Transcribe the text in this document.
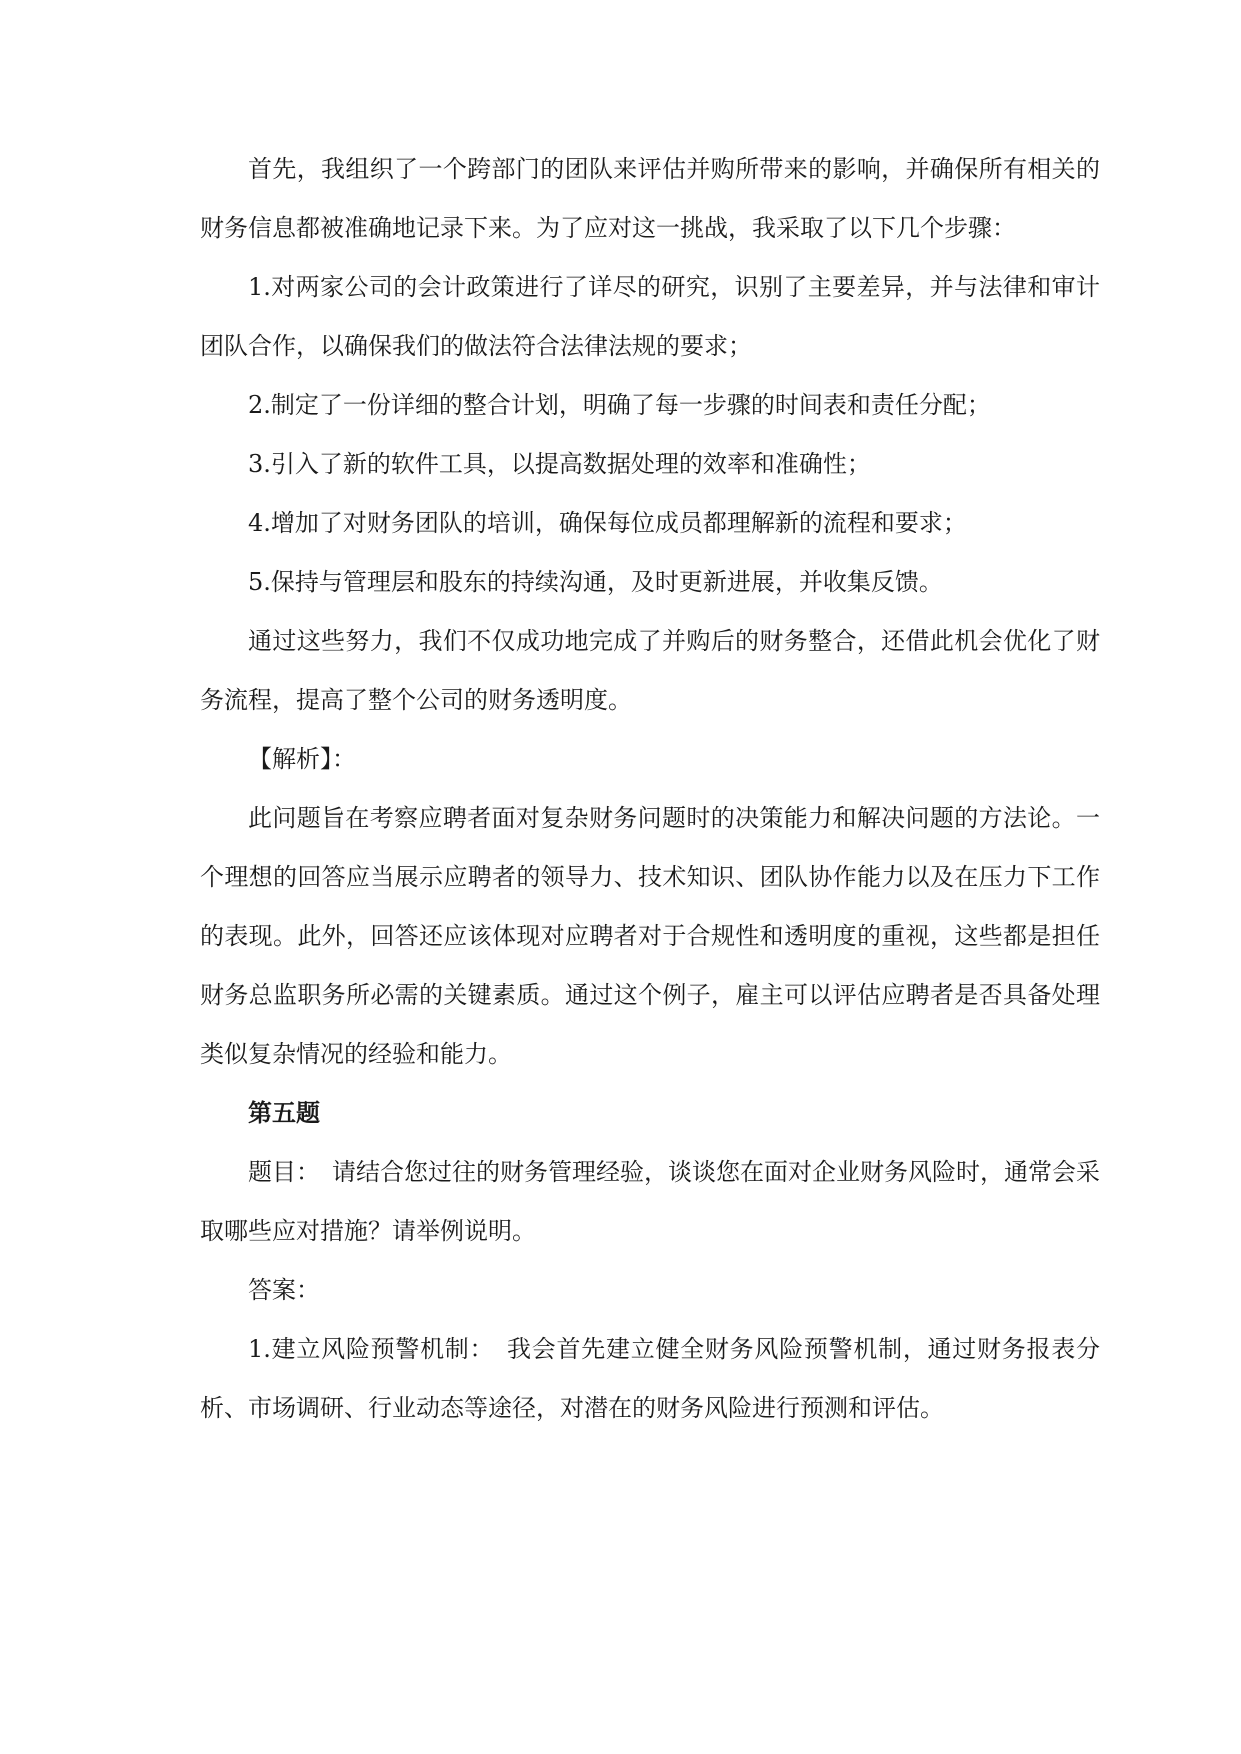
首先，我组织了一个跨部门的团队来评估并购所带来的影响，并确保所有相关的财务信息都被准确地记录下来。为了应对这一挑战，我采取了以下几个步骤：

1.对两家公司的会计政策进行了详尽的研究，识别了主要差异，并与法律和审计团队合作，以确保我们的做法符合法律法规的要求；

2.制定了一份详细的整合计划，明确了每一步骤的时间表和责任分配；

3.引入了新的软件工具，以提高数据处理的效率和准确性；

4.增加了对财务团队的培训，确保每位成员都理解新的流程和要求；

5.保持与管理层和股东的持续沟通，及时更新进展，并收集反馈。

通过这些努力，我们不仅成功地完成了并购后的财务整合，还借此机会优化了财务流程，提高了整个公司的财务透明度。

【解析】：

此问题旨在考察应聘者面对复杂财务问题时的决策能力和解决问题的方法论。一个理想的回答应当展示应聘者的领导力、技术知识、团队协作能力以及在压力下工作的表现。此外，回答还应该体现对应聘者对于合规性和透明度的重视，这些都是担任财务总监职务所必需的关键素质。通过这个例子，雇主可以评估应聘者是否具备处理类似复杂情况的经验和能力。

第五题

题目：　请结合您过往的财务管理经验，谈谈您在面对企业财务风险时，通常会采取哪些应对措施？请举例说明。

答案：

1.建立风险预警机制：　我会首先建立健全财务风险预警机制，通过财务报表分析、市场调研、行业动态等途径，对潜在的财务风险进行预测和评估。
